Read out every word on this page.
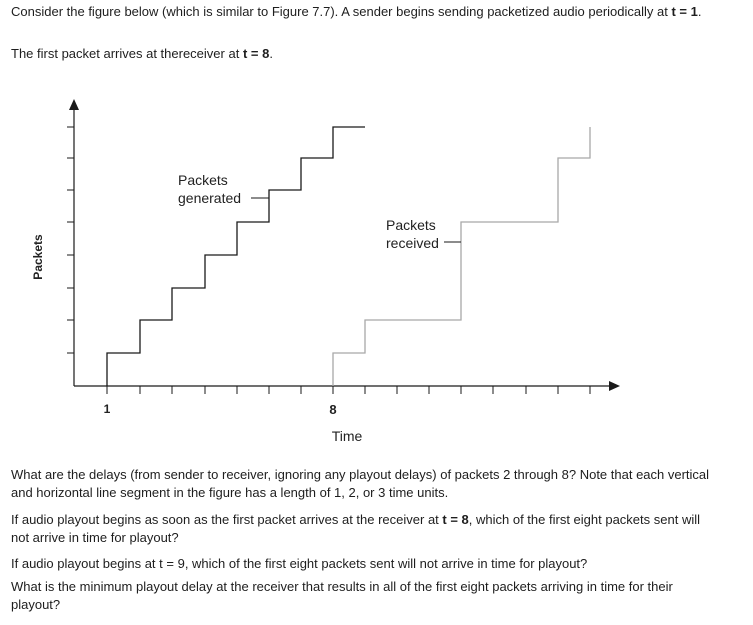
Consider the figure below (which is similar to Figure 7.7). A sender begins sending packetized audio periodically at t = 1.

The first packet arrives at thereceiver at t = 8.

Packets
1	8
Time
Packets
generated
Packets
received

What are the delays (from sender to receiver, ignoring any playout delays) of packets 2 through 8? Note that each vertical and horizontal line segment in the figure has a length of 1, 2, or 3 time units.

If audio playout begins as soon as the first packet arrives at the receiver at t = 8, which of the first eight packets sent will not arrive in time for playout?

If audio playout begins at t = 9, which of the first eight packets sent will not arrive in time for playout?

What is the minimum playout delay at the receiver that results in all of the first eight packets arriving in time for their playout?
